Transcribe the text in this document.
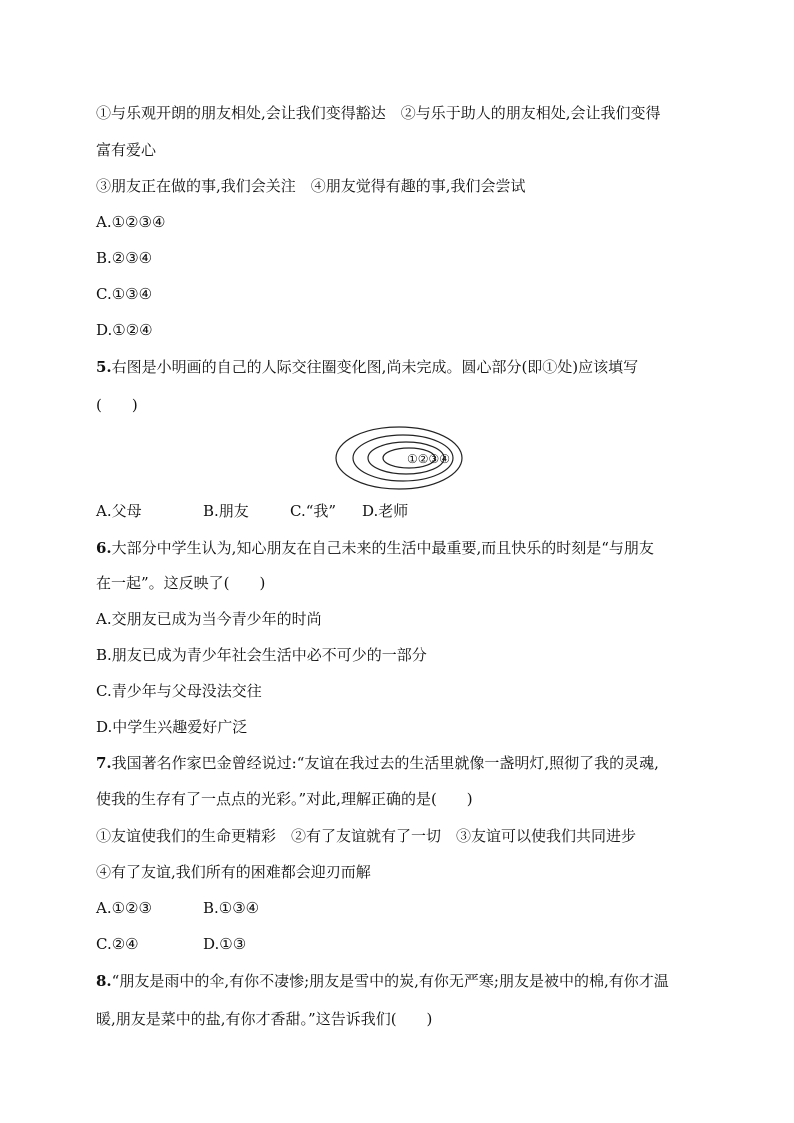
①与乐观开朗的朋友相处,会让我们变得豁达　②与乐于助人的朋友相处,会让我们变得
富有爱心
③朋友正在做的事,我们会关注　④朋友觉得有趣的事,我们会尝试
A.①②③④
B.②③④
C.①③④
D.①②④
5.右图是小明画的自己的人际交往圈变化图,尚未完成。圆心部分(即①处)应该填写
(　　)
①②③④
A.父母	B.朋友	C.“我” D.老师
6.大部分中学生认为,知心朋友在自己未来的生活中最重要,而且快乐的时刻是“与朋友
在一起”。这反映了(　　)
A.交朋友已成为当今青少年的时尚
B.朋友已成为青少年社会生活中必不可少的一部分
C.青少年与父母没法交往
D.中学生兴趣爱好广泛
7.我国著名作家巴金曾经说过:“友谊在我过去的生活里就像一盏明灯,照彻了我的灵魂,
使我的生存有了一点点的光彩。”对此,理解正确的是(　　)
①友谊使我们的生命更精彩　②有了友谊就有了一切　③友谊可以使我们共同进步
④有了友谊,我们所有的困难都会迎刃而解
A.①②③	B.①③④
C.②④	D.①③
8.“朋友是雨中的伞,有你不凄惨;朋友是雪中的炭,有你无严寒;朋友是被中的棉,有你才温
暖,朋友是菜中的盐,有你才香甜。”这告诉我们(　　)
